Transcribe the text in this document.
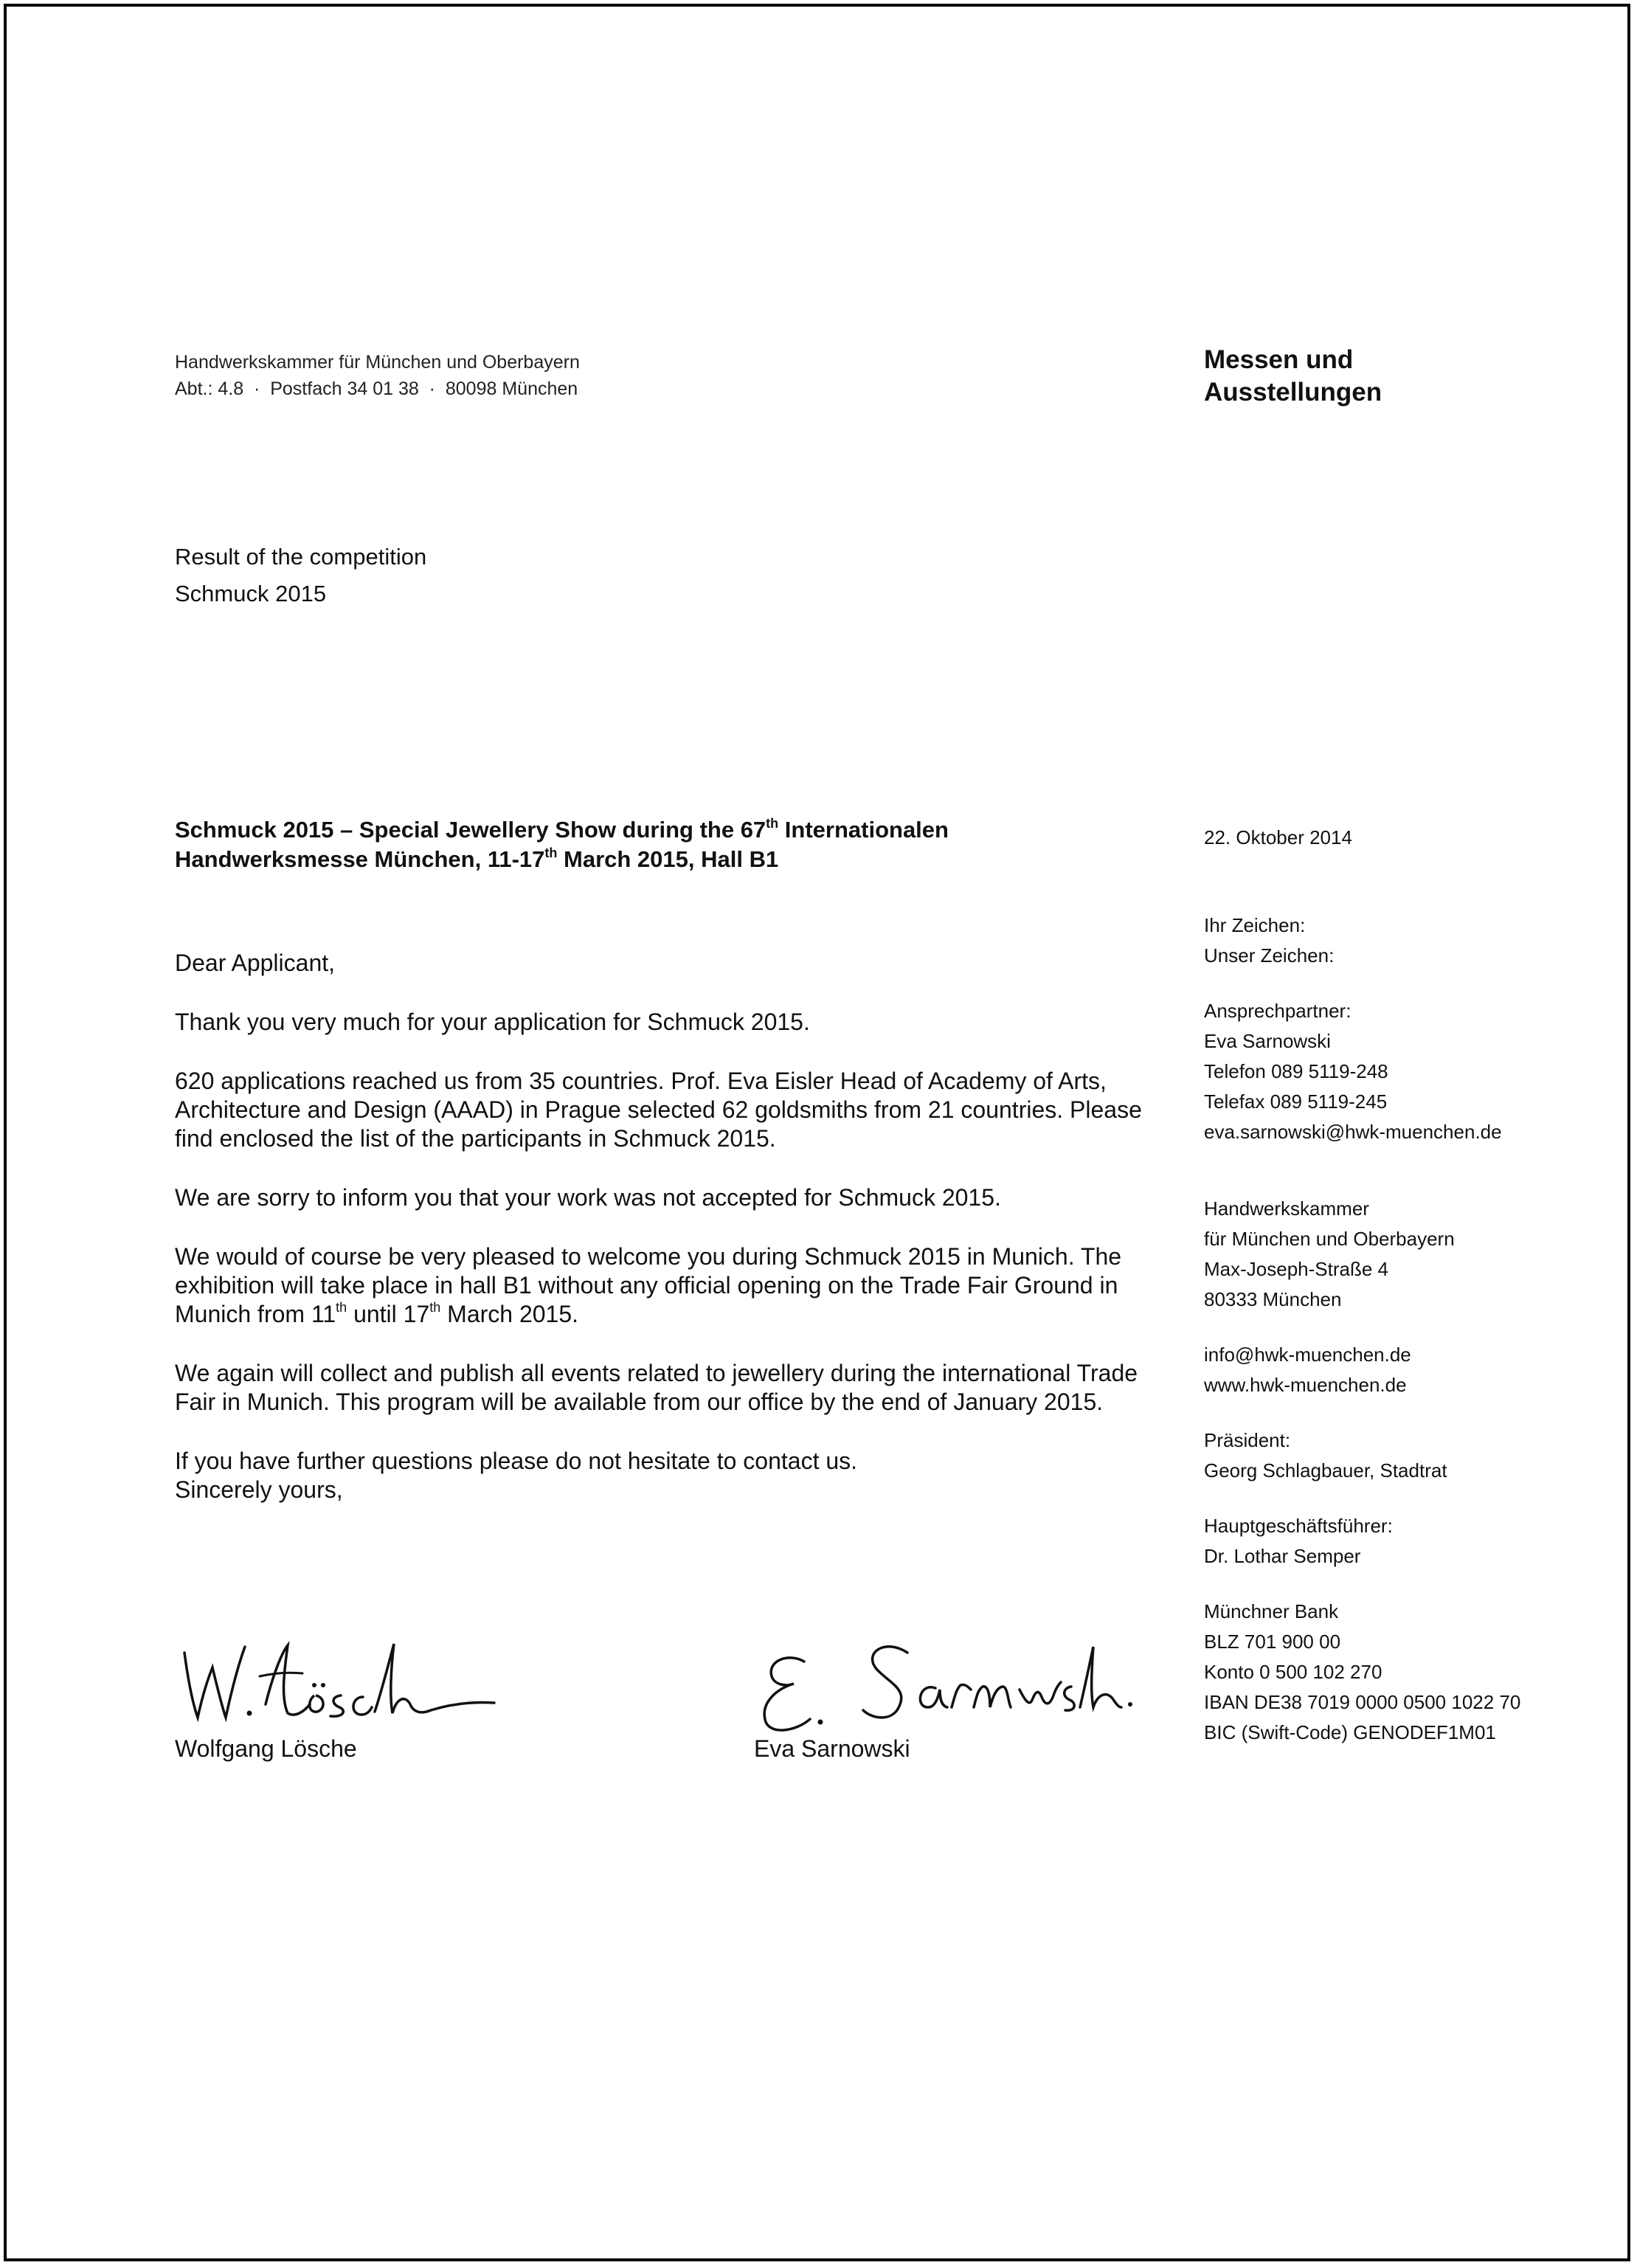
Handwerkskammer für München und Oberbayern
Abt.: 4.8  ·  Postfach 34 01 38  ·  80098 München
Messen und
Ausstellungen
Result of the competition
Schmuck 2015
Schmuck 2015 – Special Jewellery Show during the 67th Internationalen
Handwerksmesse München, 11-17th March 2015, Hall B1

Dear Applicant,

Thank you very much for your application for Schmuck 2015.

620 applications reached us from 35 countries. Prof. Eva Eisler Head of Academy of Arts, Architecture and Design (AAAD) in Prague selected 62 goldsmiths from 21 countries. Please find enclosed the list of the participants in Schmuck 2015.

We are sorry to inform you that your work was not accepted for Schmuck 2015.

We would of course be very pleased to welcome you during Schmuck 2015 in Munich. The exhibition will take place in hall B1 without any official opening on the Trade Fair Ground in Munich from 11th until 17th March 2015.

We again will collect and publish all events related to jewellery during the international Trade Fair in Munich. This program will be available from our office by the end of January 2015.

If you have further questions please do not hesitate to contact us.

Sincerely yours,

Wolfgang Lösche	Eva Sarnowski
22. Oktober 2014
Ihr Zeichen:
Unser Zeichen:
Ansprechpartner:
Eva Sarnowski
Telefon 089 5119-248
Telefax 089 5119-245
eva.sarnowski@hwk-muenchen.de
Handwerkskammer
für München und Oberbayern
Max-Joseph-Straße 4
80333 München
info@hwk-muenchen.de
www.hwk-muenchen.de
Präsident:
Georg Schlagbauer, Stadtrat
Hauptgeschäftsführer:
Dr. Lothar Semper
Münchner Bank
BLZ 701 900 00
Konto 0 500 102 270
IBAN DE38 7019 0000 0500 1022 70
BIC (Swift-Code) GENODEF1M01
